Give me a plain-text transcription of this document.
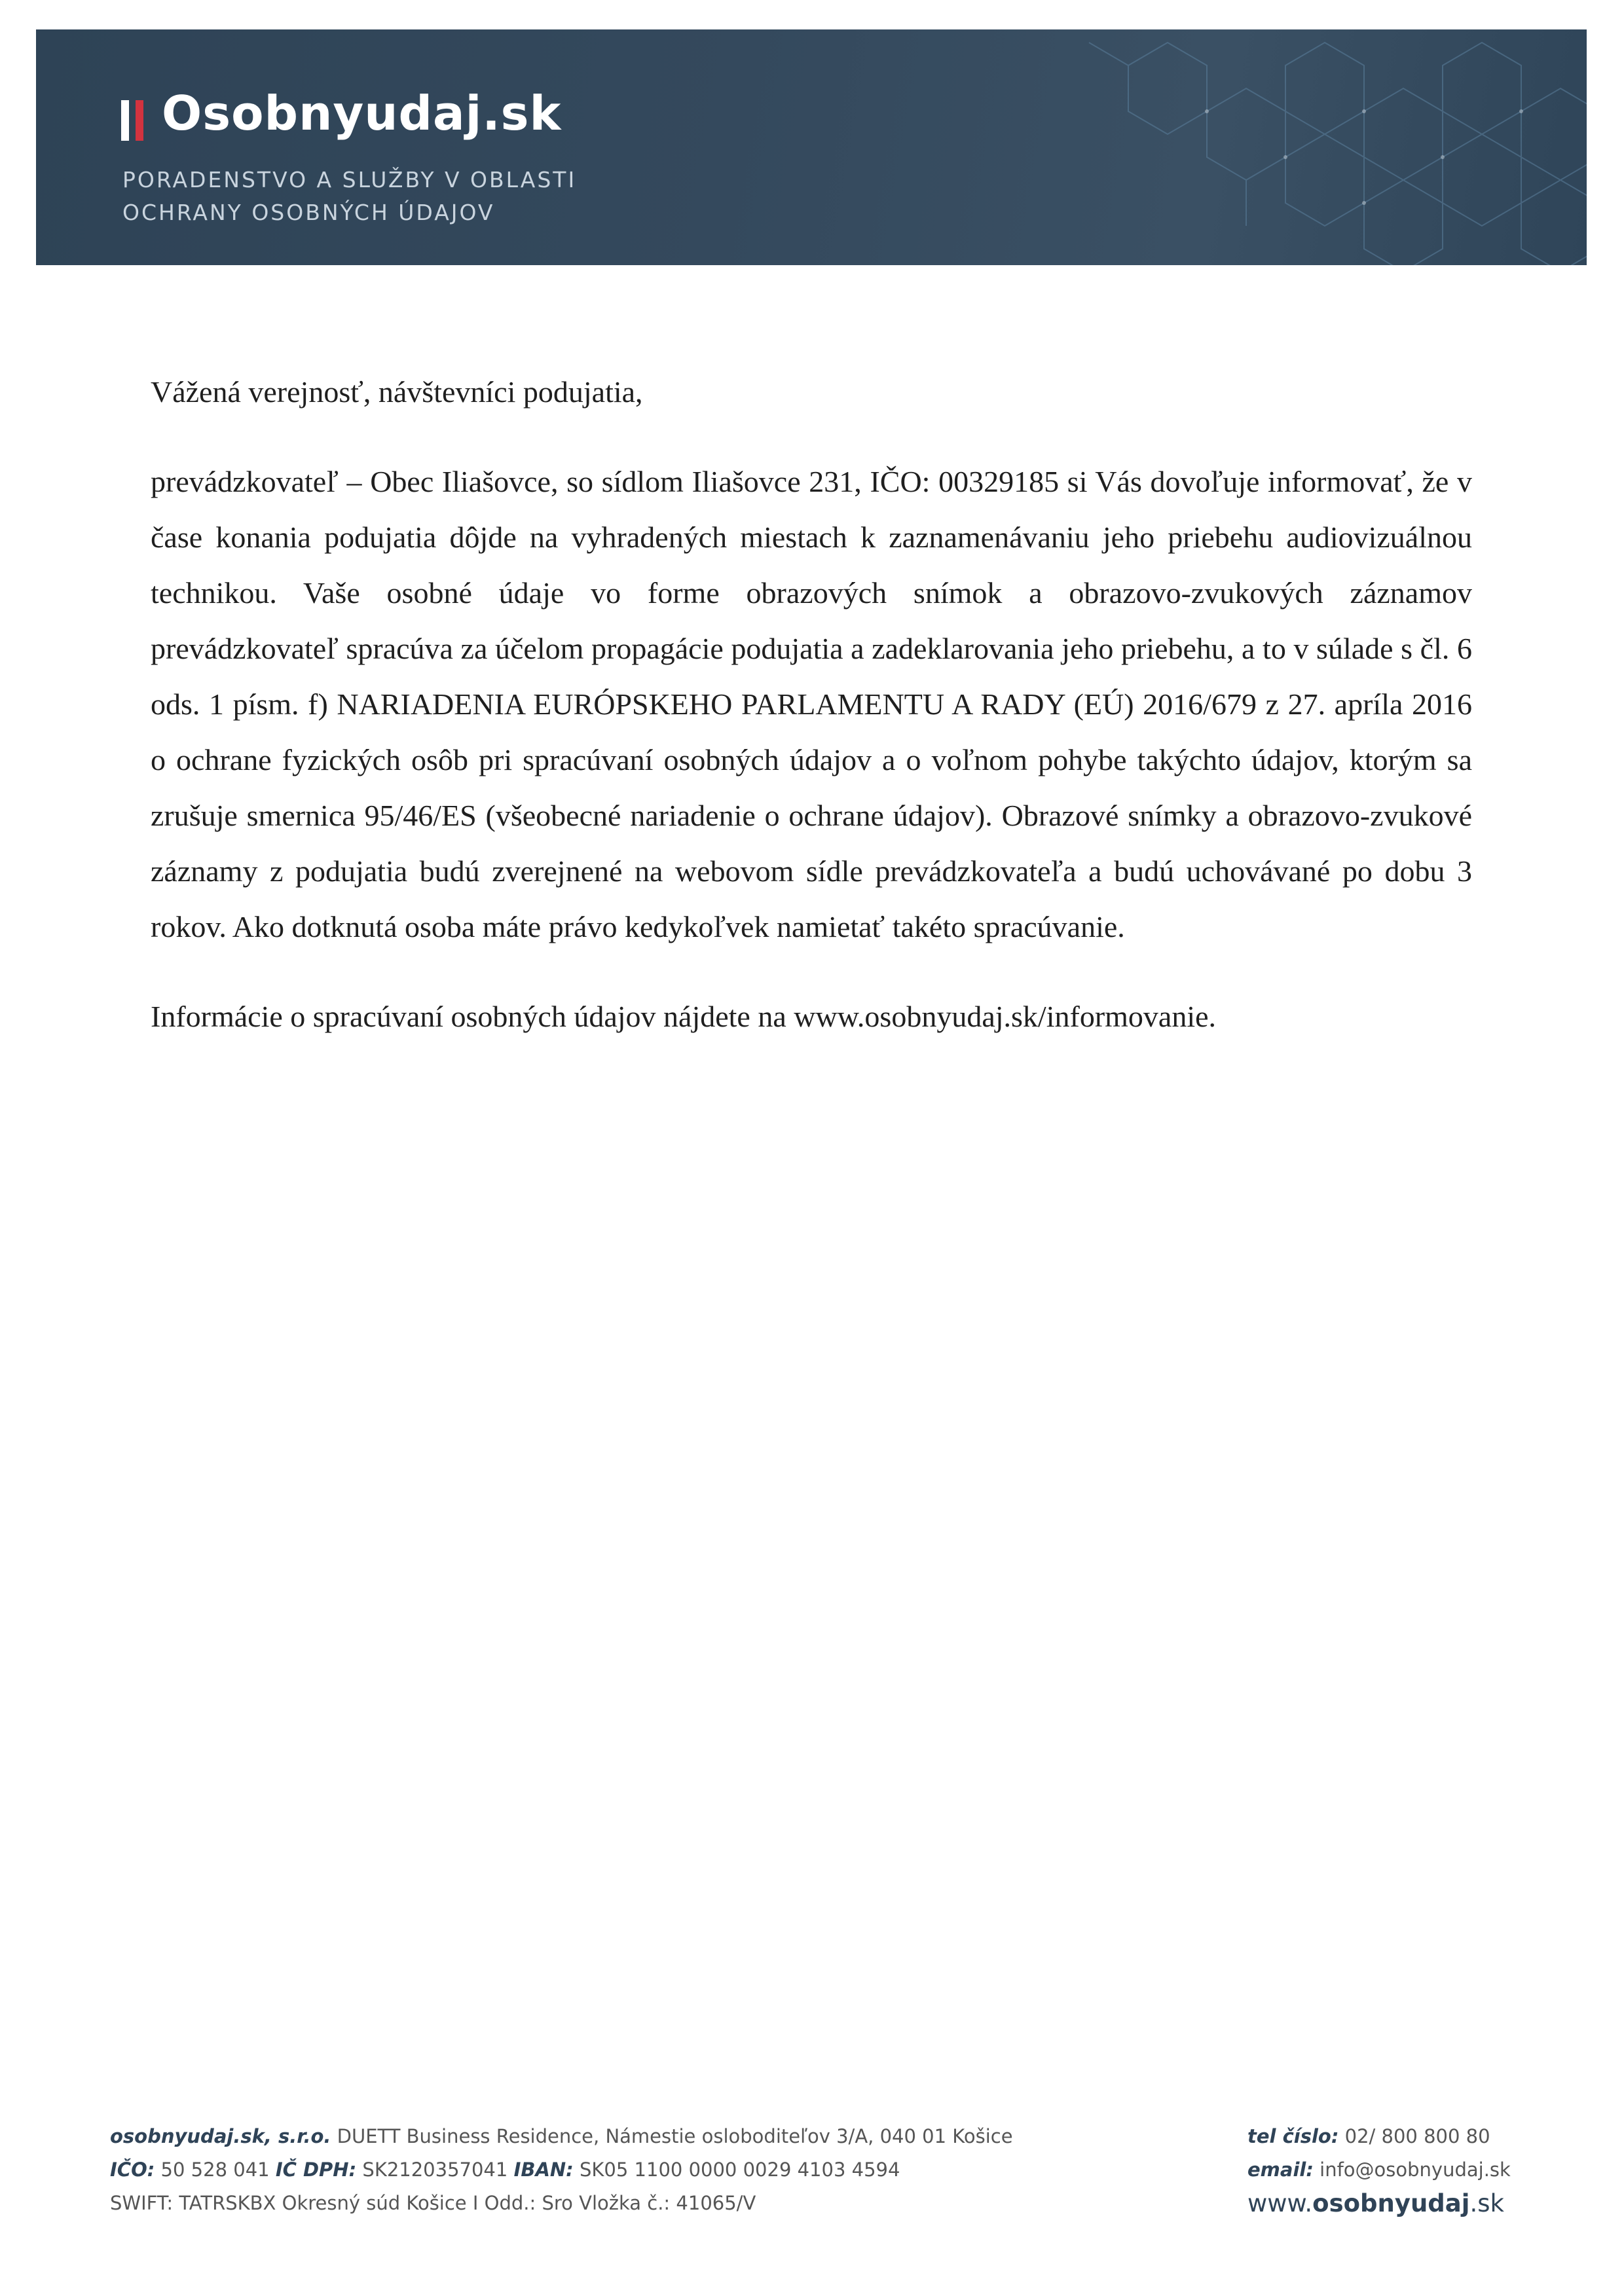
Osobnyudaj.sk
PORADENSTVO A SLUŽBY V OBLASTI
OCHRANY OSOBNÝCH ÚDAJOV

Vážená verejnosť, návštevníci podujatia,

prevádzkovateľ – Obec Iliašovce, so sídlom Iliašovce 231, IČO: 00329185 si Vás dovoľuje informovať, že v čase konania podujatia dôjde na vyhradených miestach k zaznamenávaniu jeho priebehu audiovizuálnou technikou. Vaše osobné údaje vo forme obrazových snímok a obrazovo-zvukových záznamov prevádzkovateľ spracúva za účelom propagácie podujatia a zadeklarovania jeho priebehu, a to v súlade s čl. 6 ods. 1 písm. f) NARIADENIA EURÓPSKEHO PARLAMENTU A RADY (EÚ) 2016/679 z 27. apríla 2016 o ochrane fyzických osôb pri spracúvaní osobných údajov a o voľnom pohybe takýchto údajov, ktorým sa zrušuje smernica 95/46/ES (všeobecné nariadenie o ochrane údajov). Obrazové snímky a obrazovo-zvukové záznamy z podujatia budú zverejnené na webovom sídle prevádzkovateľa a budú uchovávané po dobu 3 rokov. Ako dotknutá osoba máte právo kedykoľvek namietať takéto spracúvanie.

Informácie o spracúvaní osobných údajov nájdete na www.osobnyudaj.sk/informovanie.

osobnyudaj.sk, s.r.o. DUETT Business Residence, Námestie osloboditeľov 3/A, 040 01 Košice
IČO: 50 528 041 IČ DPH: SK2120357041 IBAN: SK05 1100 0000 0029 4103 4594
SWIFT: TATRSKBX Okresný súd Košice I Odd.: Sro Vložka č.: 41065/V
tel číslo: 02/ 800 800 80
email: info@osobnyudaj.sk
www.osobnyudaj.sk
